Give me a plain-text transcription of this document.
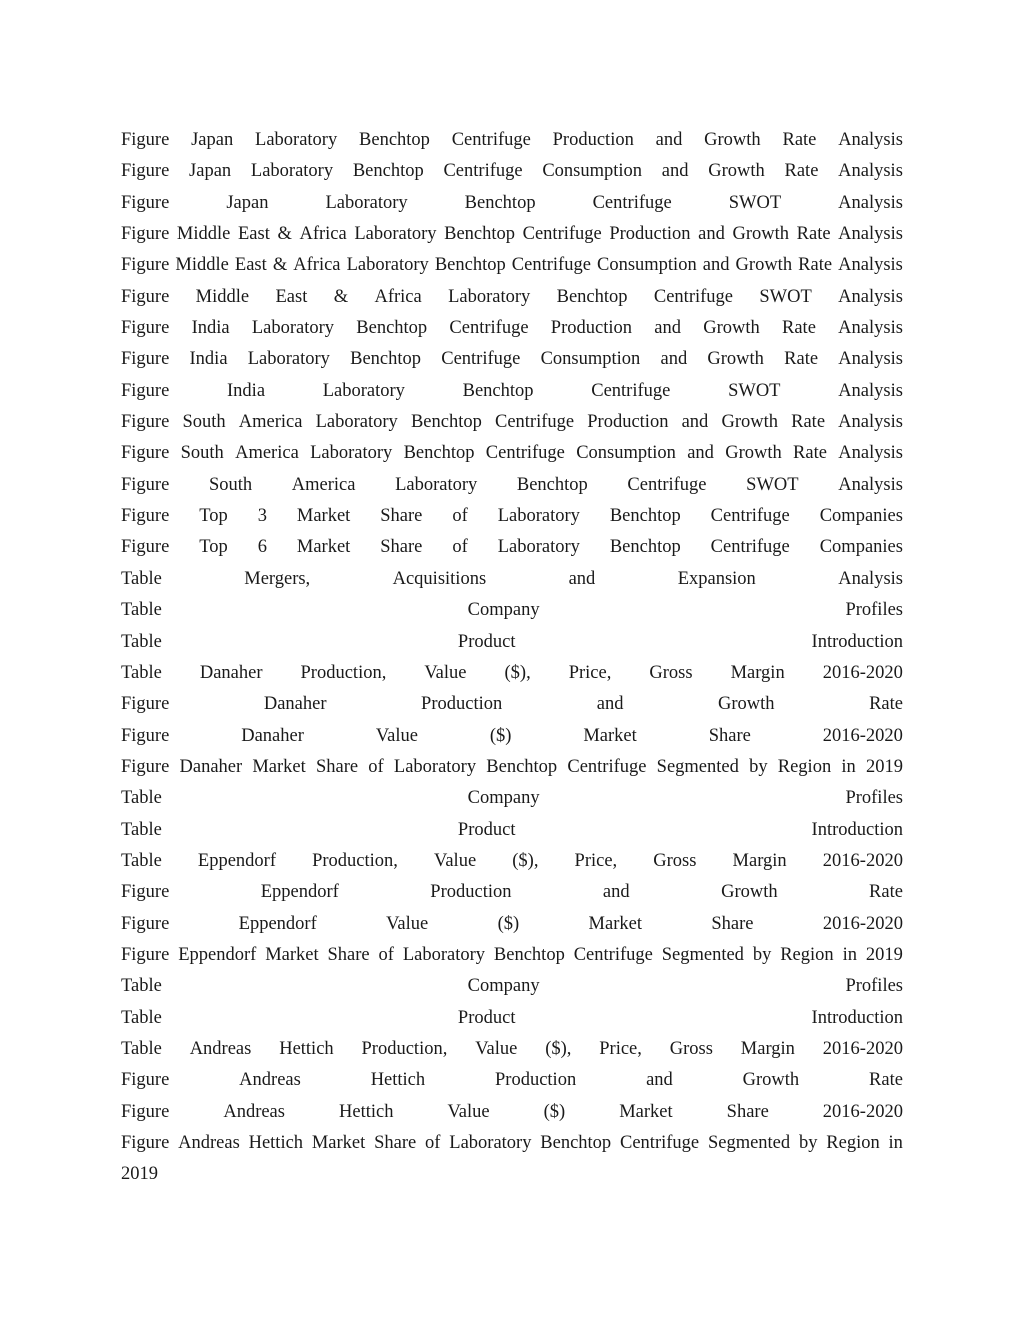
Figure Japan Laboratory Benchtop Centrifuge Production and Growth Rate Analysis
Figure Japan Laboratory Benchtop Centrifuge Consumption and Growth Rate Analysis
Figure	Japan	Laboratory	Benchtop	Centrifuge	SWOT	Analysis
Figure Middle East & Africa Laboratory Benchtop Centrifuge Production and Growth Rate Analysis
Figure Middle East & Africa Laboratory Benchtop Centrifuge Consumption and Growth Rate Analysis
Figure Middle East & Africa Laboratory Benchtop Centrifuge SWOT Analysis
Figure India Laboratory Benchtop Centrifuge Production and Growth Rate Analysis
Figure India Laboratory Benchtop Centrifuge Consumption and Growth Rate Analysis
Figure	India	Laboratory	Benchtop	Centrifuge	SWOT	Analysis
Figure South America Laboratory Benchtop Centrifuge Production and Growth Rate Analysis
Figure South America Laboratory Benchtop Centrifuge Consumption and Growth Rate Analysis
Figure South America Laboratory Benchtop Centrifuge SWOT Analysis
Figure Top 3 Market Share of Laboratory Benchtop Centrifuge Companies
Figure Top 6 Market Share of Laboratory Benchtop Centrifuge Companies
Table	Mergers,	Acquisitions	and	Expansion	Analysis
Table	Company	Profiles
Table	Product	Introduction
Table Danaher Production, Value ($), Price, Gross Margin 2016-2020
Figure	Danaher	Production	and	Growth	Rate
Figure	Danaher	Value	($)	Market	Share	2016-2020
Figure Danaher Market Share of Laboratory Benchtop Centrifuge Segmented by Region in 2019
Table	Company	Profiles
Table	Product	Introduction
Table Eppendorf Production, Value ($), Price, Gross Margin 2016-2020
Figure	Eppendorf	Production	and	Growth	Rate
Figure	Eppendorf	Value	($)	Market	Share	2016-2020
Figure Eppendorf Market Share of Laboratory Benchtop Centrifuge Segmented by Region in 2019
Table	Company	Profiles
Table	Product	Introduction
Table Andreas Hettich Production, Value ($), Price, Gross Margin 2016-2020
Figure	Andreas	Hettich	Production	and	Growth	Rate
Figure	Andreas	Hettich	Value	($)	Market	Share	2016-2020
Figure Andreas Hettich Market Share of Laboratory Benchtop Centrifuge Segmented by Region in
2019
